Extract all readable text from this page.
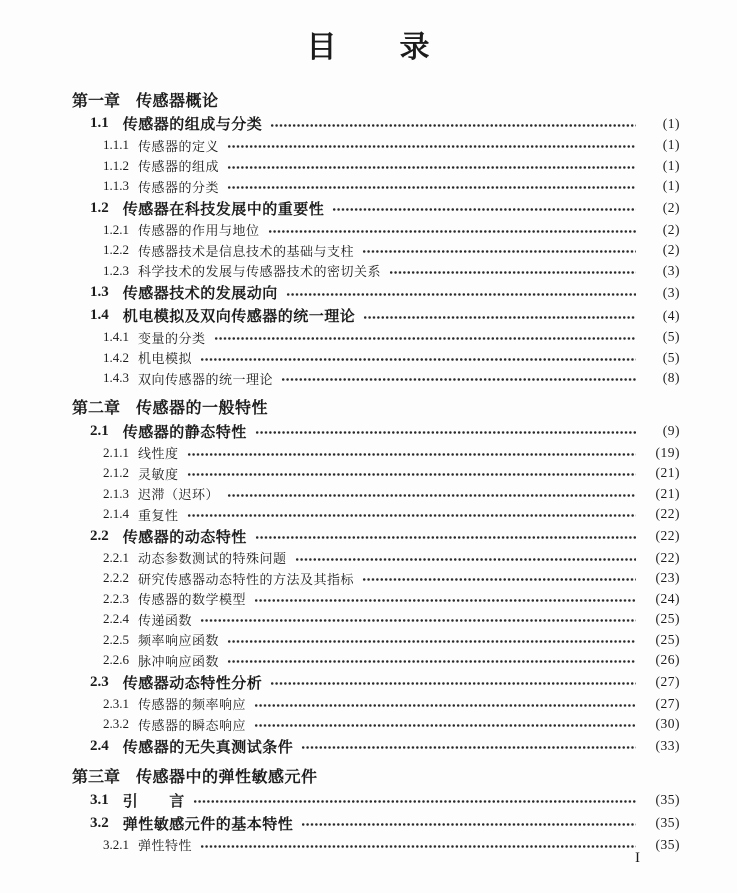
目　　录
第一章 传感器概论
1.1 传感器的组成与分类	(1)
1.1.1 传感器的定义	(1)
1.1.2 传感器的组成	(1)
1.1.3 传感器的分类	(1)
1.2 传感器在科技发展中的重要性	(2)
1.2.1 传感器的作用与地位	(2)
1.2.2 传感器技术是信息技术的基础与支柱	(2)
1.2.3 科学技术的发展与传感器技术的密切关系	(3)
1.3 传感器技术的发展动向	(3)
1.4 机电模拟及双向传感器的统一理论	(4)
1.4.1 变量的分类	(5)
1.4.2 机电模拟	(5)
1.4.3 双向传感器的统一理论	(8)
第二章 传感器的一般特性
2.1 传感器的静态特性	(9)
2.1.1 线性度	(19)
2.1.2 灵敏度	(21)
2.1.3 迟滞（迟环）	(21)
2.1.4 重复性	(22)
2.2 传感器的动态特性	(22)
2.2.1 动态参数测试的特殊问题	(22)
2.2.2 研究传感器动态特性的方法及其指标	(23)
2.2.3 传感器的数学模型	(24)
2.2.4 传递函数	(25)
2.2.5 频率响应函数	(25)
2.2.6 脉冲响应函数	(26)
2.3 传感器动态特性分析	(27)
2.3.1 传感器的频率响应	(27)
2.3.2 传感器的瞬态响应	(30)
2.4 传感器的无失真测试条件	(33)
第三章 传感器中的弹性敏感元件
3.1 引　　言	(35)
3.2 弹性敏感元件的基本特性	(35)
3.2.1 弹性特性	(35)
I
